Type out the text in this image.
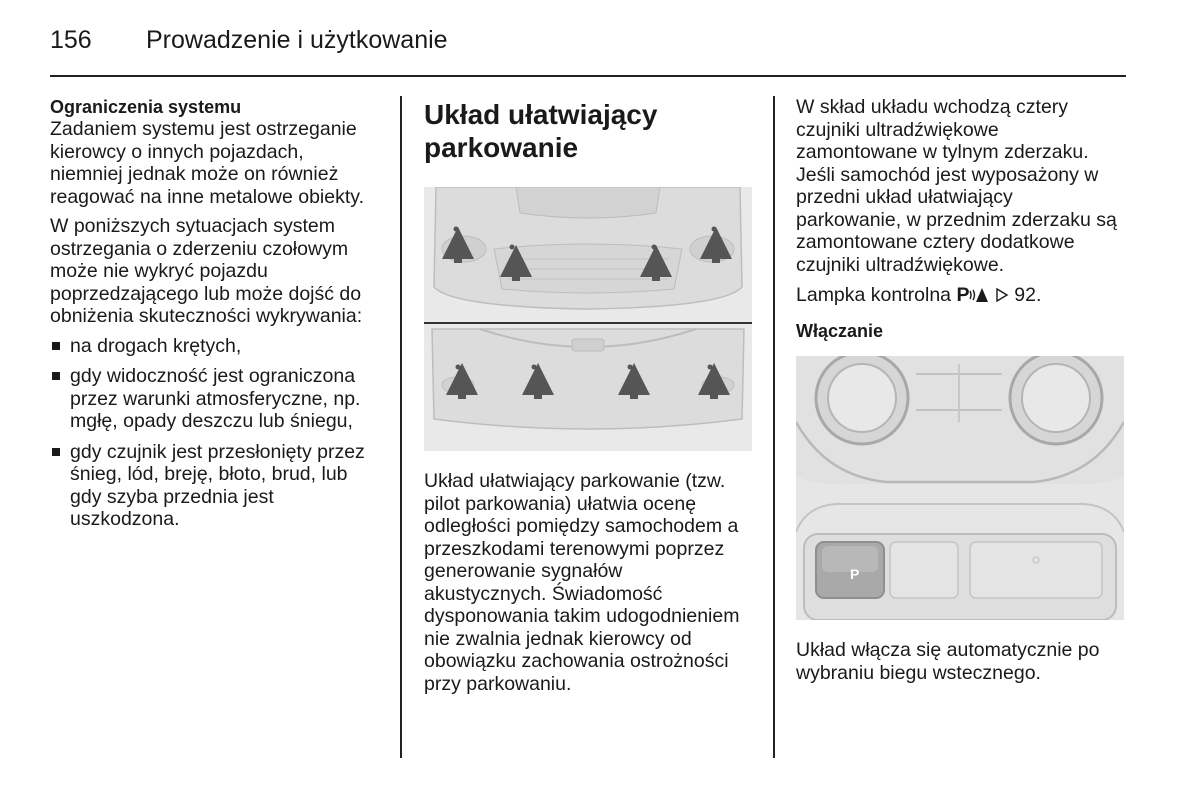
156 Prowadzenie i użytkowanie
Ograniczenia systemu

Zadaniem systemu jest ostrzeganie
kierowcy o innych pojazdach,
niemniej jednak może on również
reagować na inne metalowe obiekty.

W poniższych sytuacjach system
ostrzegania o zderzeniu czołowym
może nie wykryć pojazdu
poprzedzającego lub może dojść do
obniżenia skuteczności wykrywania:

na drogach krętych,
gdy widoczność jest ograniczona
przez warunki atmosferyczne, np.
mgłę, opady deszczu lub śniegu,
gdy czujnik jest przesłonięty przez
śnieg, lód, breję, błoto, brud, lub
gdy szyba przednia jest
uszkodzona.
Układ ułatwiający
parkowanie

Układ ułatwiający parkowanie (tzw.
pilot parkowania) ułatwia ocenę
odległości pomiędzy samochodem a
przeszkodami terenowymi poprzez
generowanie sygnałów
akustycznych. Świadomość
dysponowania takim udogodnieniem
nie zwalnia jednak kierowcy od
obowiązku zachowania ostrożności
przy parkowaniu.

W skład układu wchodzą cztery
czujniki ultradźwiękowe
zamontowane w tylnym zderzaku.
Jeśli samochód jest wyposażony w
przedni układ ułatwiający
parkowanie, w przednim zderzaku są
zamontowane cztery dodatkowe
czujniki ultradźwiękowe.

Lampka kontrolna P 92.

Włączanie
P

Układ włącza się automatycznie po
wybraniu biegu wstecznego.
